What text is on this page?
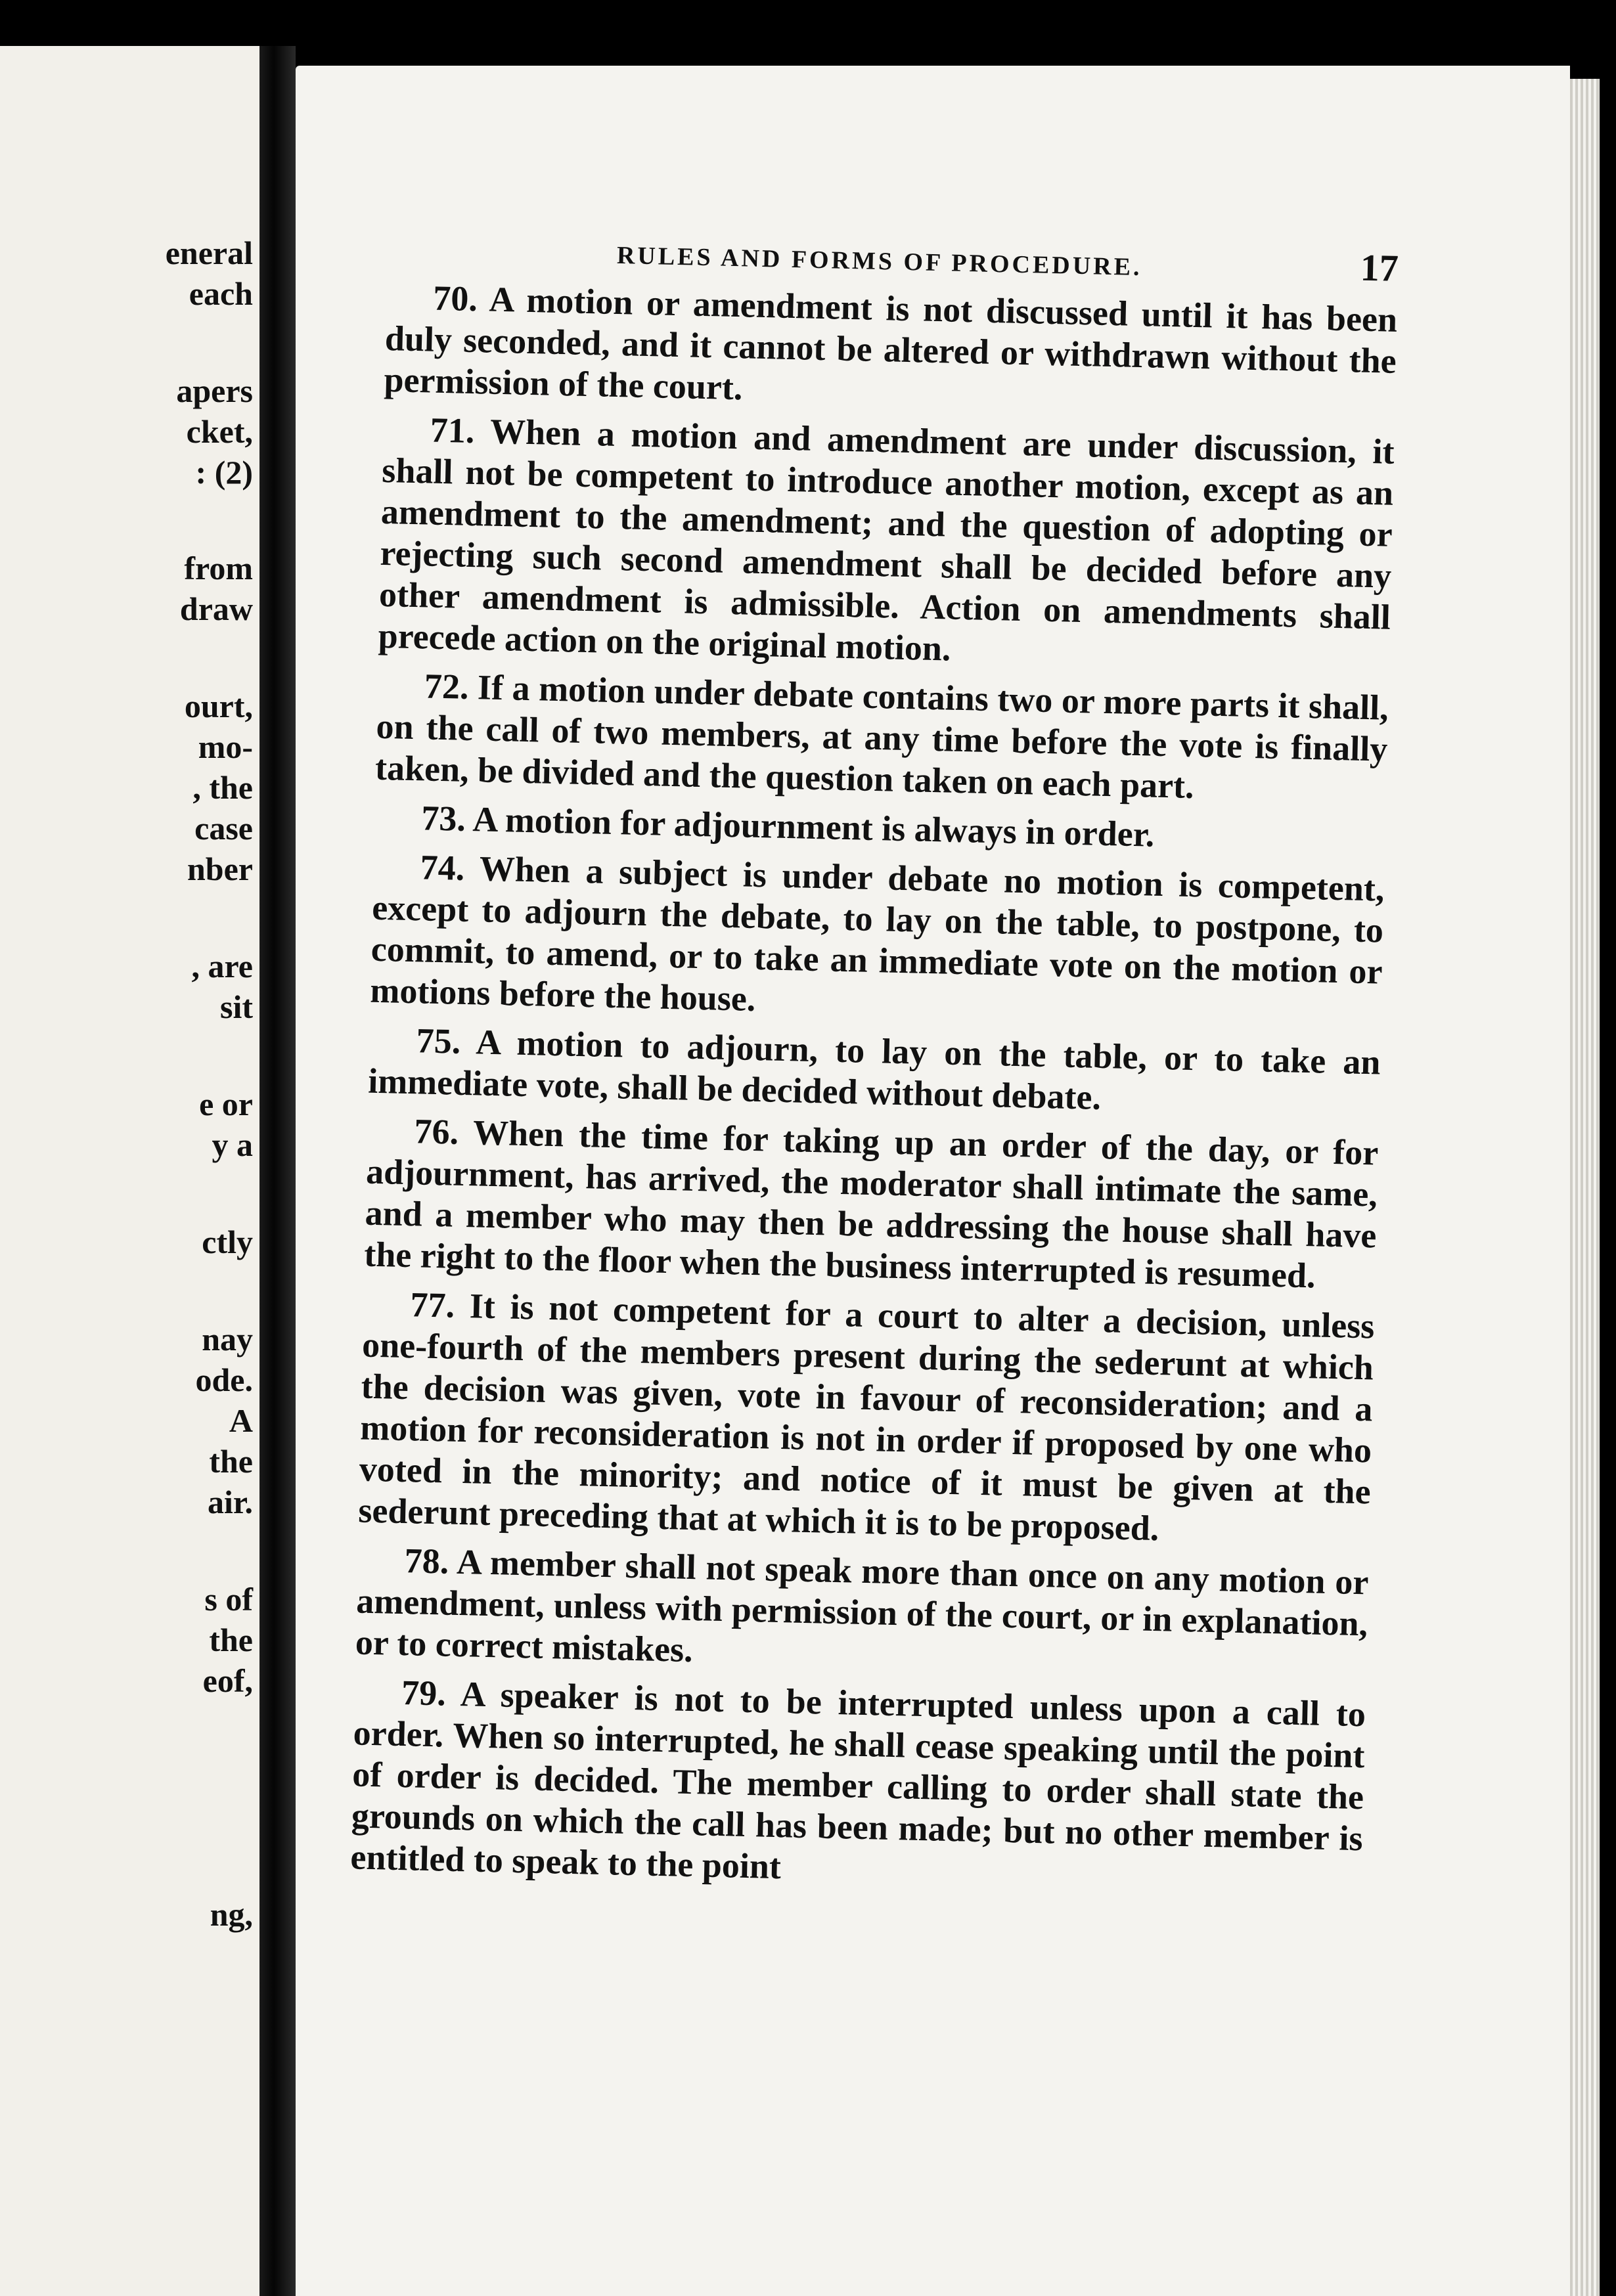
eneral
each
apers
cket,
: (2)
from
draw
ourt,
mo-
, the
case
nber
, are
sit
e or
y a
ctly
nay
ode.
A
the
air.
s of
the
eof,
ng,
RULES AND FORMS OF PROCEDURE.	17

70. A motion or amendment is not discussed until it has been duly seconded, and it cannot be altered or withdrawn without the permission of the court.

71. When a motion and amendment are under discussion, it shall not be competent to introduce another motion, except as an amendment to the amendment; and the question of adopting or rejecting such second amendment shall be decided before any other amendment is admissible. Action on amendments shall precede action on the original motion.

72. If a motion under debate contains two or more parts it shall, on the call of two members, at any time before the vote is finally taken, be divided and the question taken on each part.

73. A motion for adjournment is always in order.

74. When a subject is under debate no motion is competent, except to adjourn the debate, to lay on the table, to postpone, to commit, to amend, or to take an immediate vote on the motion or motions before the house.

75. A motion to adjourn, to lay on the table, or to take an immediate vote, shall be decided without debate.

76. When the time for taking up an order of the day, or for adjournment, has arrived, the moderator shall intimate the same, and a member who may then be addressing the house shall have the right to the floor when the business interrupted is resumed.

77. It is not competent for a court to alter a decision, unless one-fourth of the members present during the sederunt at which the decision was given, vote in favour of reconsideration; and a motion for reconsideration is not in order if proposed by one who voted in the minority; and notice of it must be given at the sederunt preceding that at which it is to be proposed.

78. A member shall not speak more than once on any motion or amendment, unless with permission of the court, or in explanation, or to correct mistakes.

79. A speaker is not to be interrupted unless upon a call to order. When so interrupted, he shall cease speaking until the point of order is decided. The member calling to order shall state the grounds on which the call has been made; but no other member is entitled to speak to the point
